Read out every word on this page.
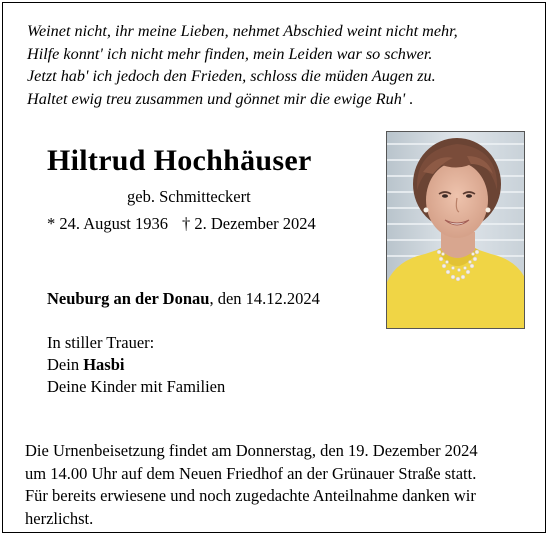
Weinet nicht, ihr meine Lieben, nehmet Abschied weint nicht mehr,
Hilfe konnt' ich nicht mehr finden, mein Leiden war so schwer.
Jetzt hab' ich jedoch den Frieden, schloss die müden Augen zu.
Haltet ewig treu zusammen und gönnet mir die ewige Ruh' .
Hiltrud Hochhäuser
geb. Schmitteckert
* 24. August 1936 † 2. Dezember 2024
Neuburg an der Donau, den 14.12.2024
In stiller Trauer:
Dein Hasbi
Deine Kinder mit Familien
Die Urnenbeisetzung findet am Donnerstag, den 19. Dezember 2024
um 14.00 Uhr auf dem Neuen Friedhof an der Grünauer Straße statt.
Für bereits erwiesene und noch zugedachte Anteilnahme danken wir
herzlichst.
